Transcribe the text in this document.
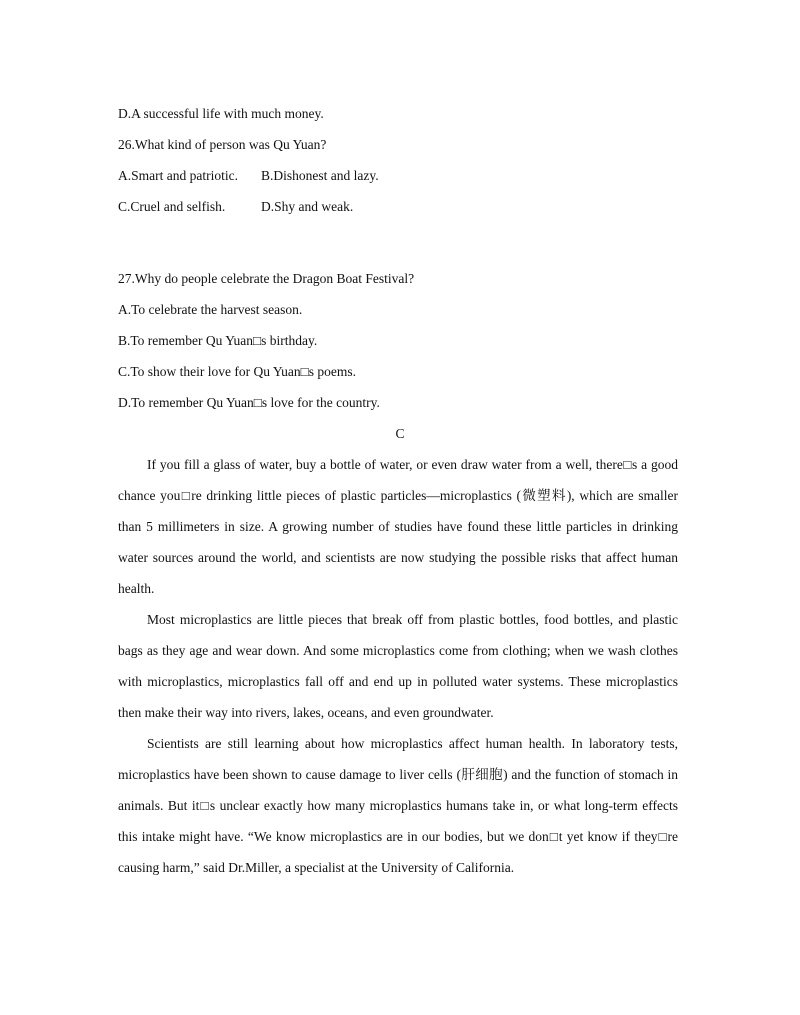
D.A successful life with much money.
26.What kind of person was Qu Yuan?
A.Smart and patriotic. B.Dishonest and lazy.
C.Cruel and selfish.	D.Shy and weak.
27.Why do people celebrate the Dragon Boat Festival?
A.To celebrate the harvest season.
B.To remember Qu Yuan□s birthday.
C.To show their love for Qu Yuan□s poems.
D.To remember Qu Yuan□s love for the country.
C
If you fill a glass of water, buy a bottle of water, or even draw water from a well, there□s a good chance you□re drinking little pieces of plastic particles—microplastics (微塑料), which are smaller than 5 millimeters in size. A growing number of studies have found these little particles in drinking water sources around the world, and scientists are now studying the possible risks that affect human health.
Most microplastics are little pieces that break off from plastic bottles, food bottles, and plastic bags as they age and wear down. And some microplastics come from clothing; when we wash clothes with microplastics, microplastics fall off and end up in polluted water systems. These microplastics then make their way into rivers, lakes, oceans, and even groundwater.
Scientists are still learning about how microplastics affect human health. In laboratory tests, microplastics have been shown to cause damage to liver cells (肝细胞) and the function of stomach in animals. But it□s unclear exactly how many microplastics humans take in, or what long-term effects this intake might have. “We know microplastics are in our bodies, but we don□t yet know if they□re causing harm,” said Dr.Miller, a specialist at the University of California.
